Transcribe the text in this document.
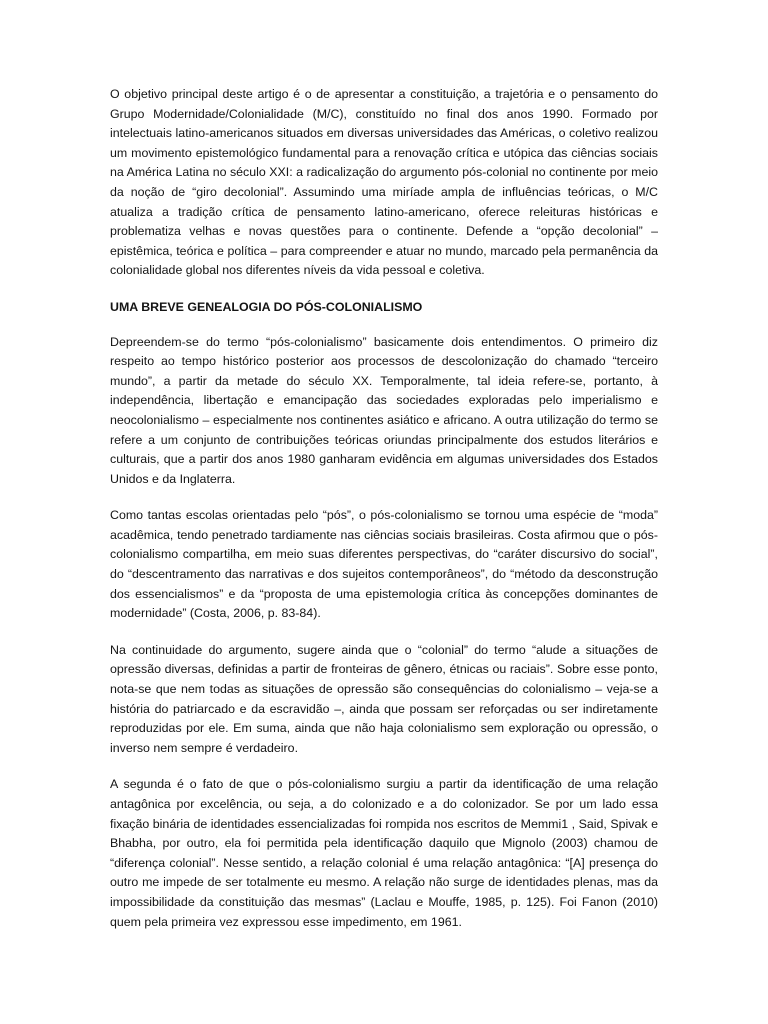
O objetivo principal deste artigo é o de apresentar a constituição, a trajetória e o pensamento do Grupo Modernidade/Colonialidade (M/C), constituído no final dos anos 1990. Formado por intelectuais latino-americanos situados em diversas universidades das Américas, o coletivo realizou um movimento epistemológico fundamental para a renovação crítica e utópica das ciências sociais na América Latina no século XXI: a radicalização do argumento pós-colonial no continente por meio da noção de “giro decolonial”. Assumindo uma miríade ampla de influências teóricas, o M/C atualiza a tradição crítica de pensamento latino-americano, oferece releituras históricas e problematiza velhas e novas questões para o continente. Defende a “opção decolonial” – epistêmica, teórica e política – para compreender e atuar no mundo, marcado pela permanência da colonialidade global nos diferentes níveis da vida pessoal e coletiva.

UMA BREVE GENEALOGIA DO PÓS-COLONIALISMO

Depreendem-se do termo “pós-colonialismo” basicamente dois entendimentos. O primeiro diz respeito ao tempo histórico posterior aos processos de descolonização do chamado “terceiro mundo”, a partir da metade do século XX. Temporalmente, tal ideia refere-se, portanto, à independência, libertação e emancipação das sociedades exploradas pelo imperialismo e neocolonialismo – especialmente nos continentes asiático e africano. A outra utilização do termo se refere a um conjunto de contribuições teóricas oriundas principalmente dos estudos literários e culturais, que a partir dos anos 1980 ganharam evidência em algumas universidades dos Estados Unidos e da Inglaterra.

Como tantas escolas orientadas pelo “pós”, o pós-colonialismo se tornou uma espécie de “moda” acadêmica, tendo penetrado tardiamente nas ciências sociais brasileiras. Costa afirmou que o pós-colonialismo compartilha, em meio suas diferentes perspectivas, do “caráter discursivo do social”, do “descentramento das narrativas e dos sujeitos contemporâneos”, do “método da desconstrução dos essencialismos” e da “proposta de uma epistemologia crítica às concepções dominantes de modernidade” (Costa, 2006, p. 83-84).

Na continuidade do argumento, sugere ainda que o “colonial” do termo “alude a situações de opressão diversas, definidas a partir de fronteiras de gênero, étnicas ou raciais”. Sobre esse ponto, nota-se que nem todas as situações de opressão são consequências do colonialismo – veja-se a história do patriarcado e da escravidão –, ainda que possam ser reforçadas ou ser indiretamente reproduzidas por ele. Em suma, ainda que não haja colonialismo sem exploração ou opressão, o inverso nem sempre é verdadeiro.

A segunda é o fato de que o pós-colonialismo surgiu a partir da identificação de uma relação antagônica por excelência, ou seja, a do colonizado e a do colonizador. Se por um lado essa fixação binária de identidades essencializadas foi rompida nos escritos de Memmi1 , Said, Spivak e Bhabha, por outro, ela foi permitida pela identificação daquilo que Mignolo (2003) chamou de “diferença colonial”. Nesse sentido, a relação colonial é uma relação antagônica: “[A] presença do outro me impede de ser totalmente eu mesmo. A relação não surge de identidades plenas, mas da impossibilidade da constituição das mesmas” (Laclau e Mouffe, 1985, p. 125). Foi Fanon (2010) quem pela primeira vez expressou esse impedimento, em 1961.
